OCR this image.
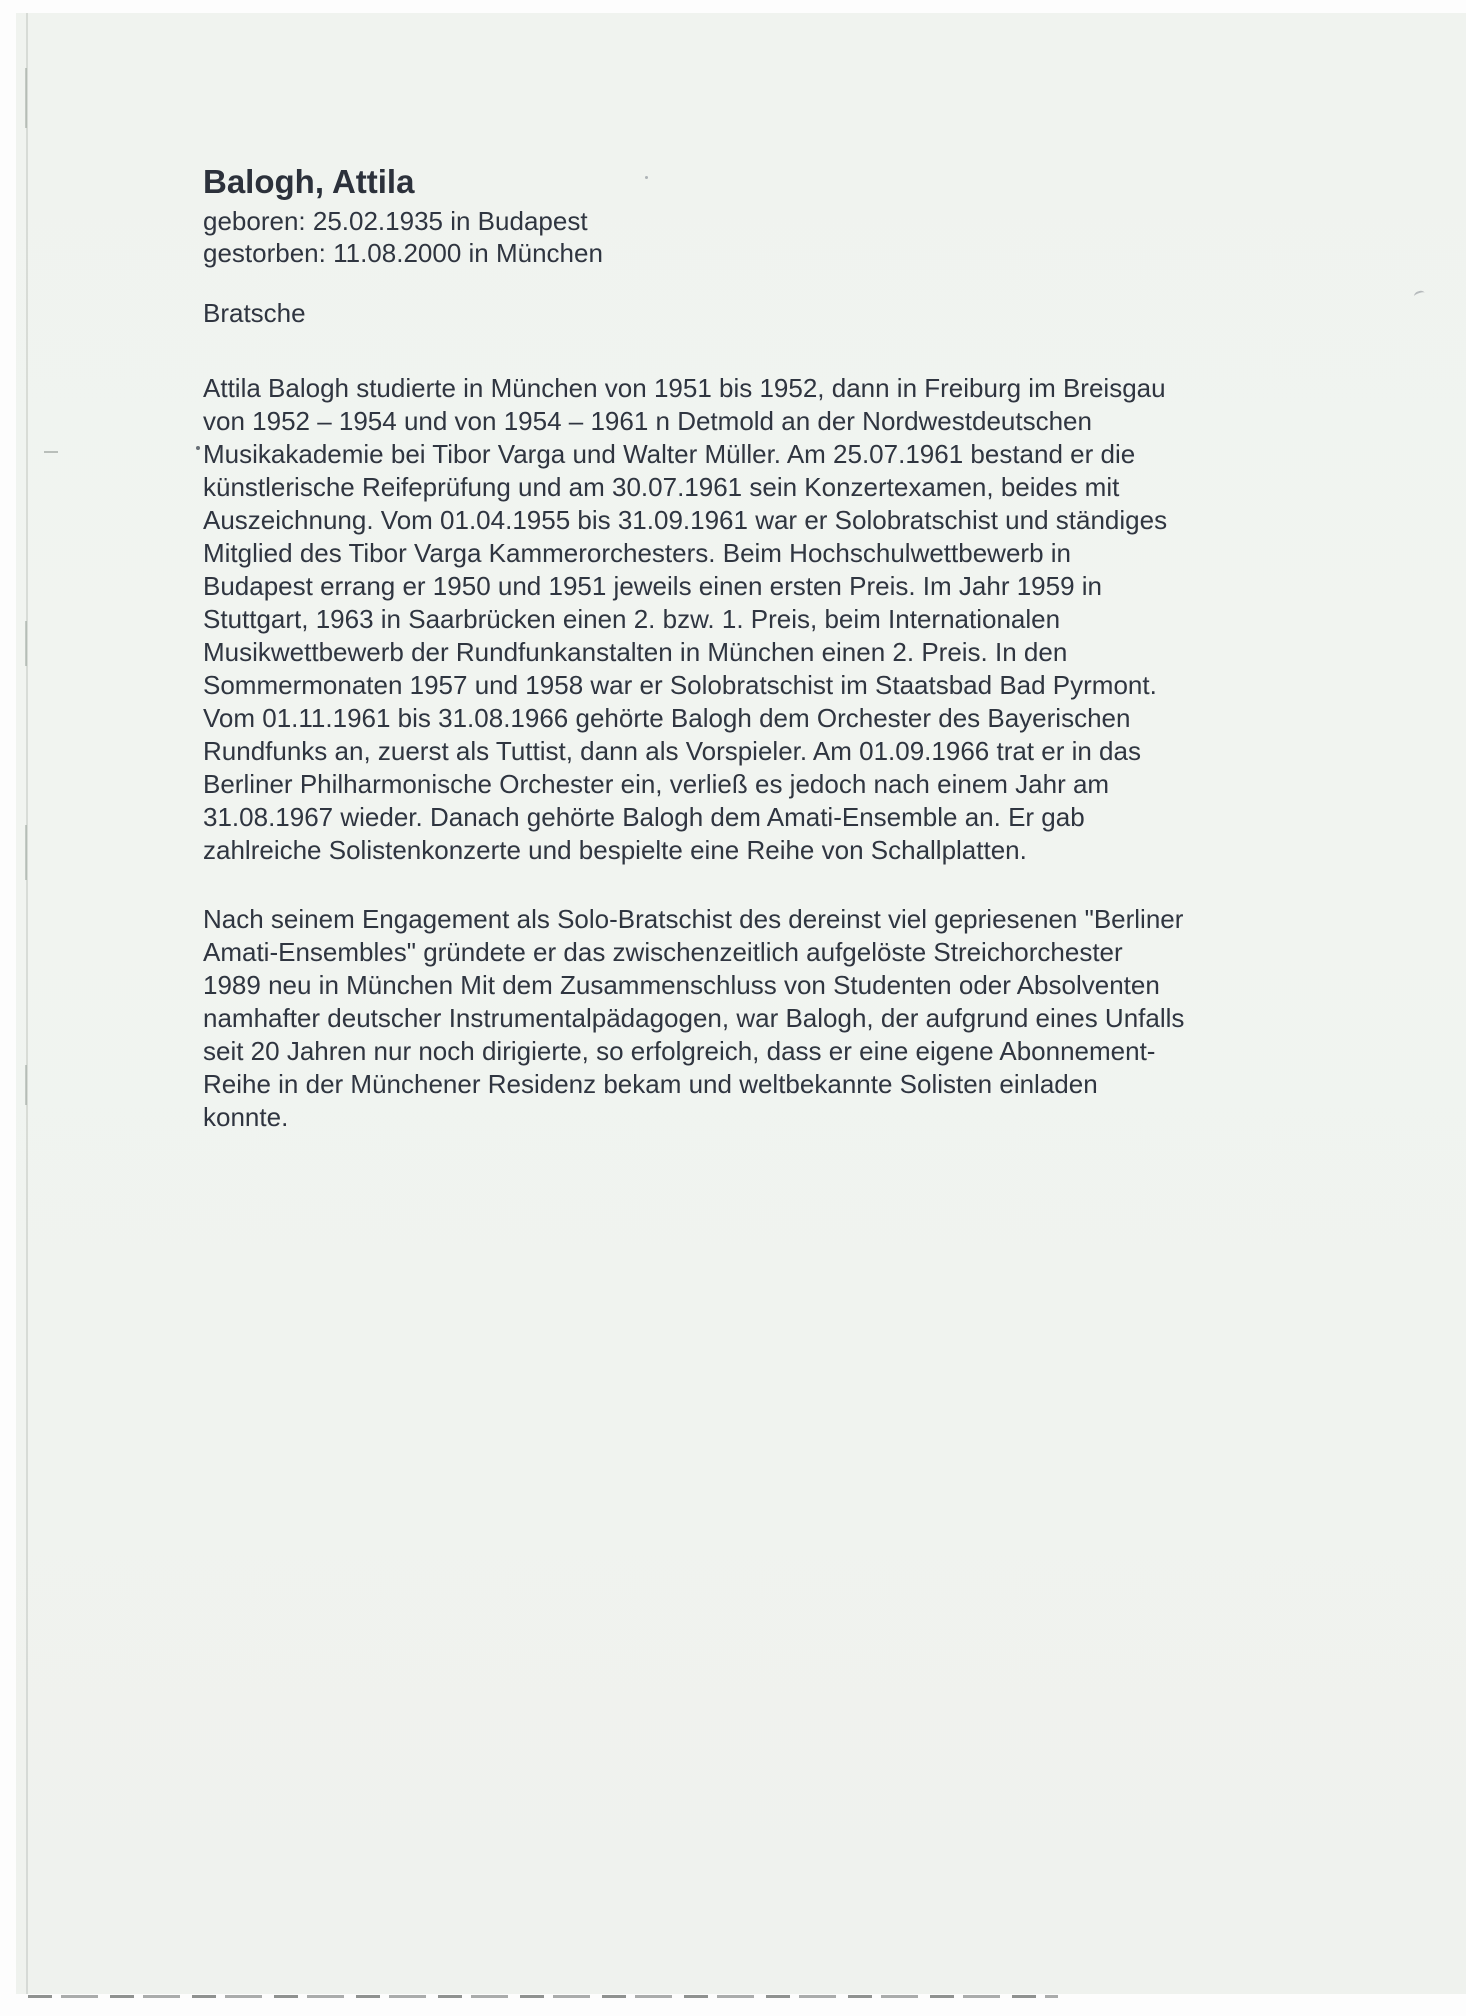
Balogh, Attila
geboren: 25.02.1935 in Budapest
gestorben: 11.08.2000 in München
Bratsche

Attila Balogh studierte in München von 1951 bis 1952, dann in Freiburg im Breisgau
von 1952 – 1954 und von 1954 – 1961 n Detmold an der Nordwestdeutschen
Musikakademie bei Tibor Varga und Walter Müller. Am 25.07.1961 bestand er die
künstlerische Reifeprüfung und am 30.07.1961 sein Konzertexamen, beides mit
Auszeichnung. Vom 01.04.1955 bis 31.09.1961 war er Solobratschist und ständiges
Mitglied des Tibor Varga Kammerorchesters. Beim Hochschulwettbewerb in
Budapest errang er 1950 und 1951 jeweils einen ersten Preis. Im Jahr 1959 in
Stuttgart, 1963 in Saarbrücken einen 2. bzw. 1. Preis, beim Internationalen
Musikwettbewerb der Rundfunkanstalten in München einen 2. Preis. In den
Sommermonaten 1957 und 1958 war er Solobratschist im Staatsbad Bad Pyrmont.
Vom 01.11.1961 bis 31.08.1966 gehörte Balogh dem Orchester des Bayerischen
Rundfunks an, zuerst als Tuttist, dann als Vorspieler. Am 01.09.1966 trat er in das
Berliner Philharmonische Orchester ein, verließ es jedoch nach einem Jahr am
31.08.1967 wieder. Danach gehörte Balogh dem Amati-Ensemble an. Er gab
zahlreiche Solistenkonzerte und bespielte eine Reihe von Schallplatten.

Nach seinem Engagement als Solo-Bratschist des dereinst viel gepriesenen "Berliner
Amati-Ensembles" gründete er das zwischenzeitlich aufgelöste Streichorchester
1989 neu in München Mit dem Zusammenschluss von Studenten oder Absolventen
namhafter deutscher Instrumentalpädagogen, war Balogh, der aufgrund eines Unfalls
seit 20 Jahren nur noch dirigierte, so erfolgreich, dass er eine eigene Abonnement-
Reihe in der Münchener Residenz bekam und weltbekannte Solisten einladen
konnte.
